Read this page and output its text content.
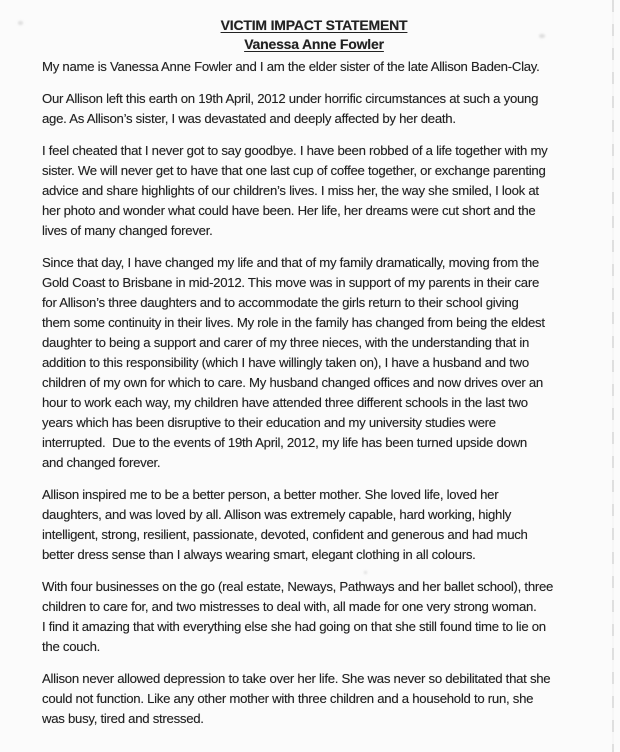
VICTIM IMPACT STATEMENT
Vanessa Anne Fowler
My name is Vanessa Anne Fowler and I am the elder sister of the late Allison Baden-Clay.
Our Allison left this earth on 19th April, 2012 under horrific circumstances at such a young
age. As Allison’s sister, I was devastated and deeply affected by her death.
I feel cheated that I never got to say goodbye. I have been robbed of a life together with my
sister. We will never get to have that one last cup of coffee together, or exchange parenting
advice and share highlights of our children’s lives. I miss her, the way she smiled, I look at
her photo and wonder what could have been. Her life, her dreams were cut short and the
lives of many changed forever.
Since that day, I have changed my life and that of my family dramatically, moving from the
Gold Coast to Brisbane in mid-2012. This move was in support of my parents in their care
for Allison’s three daughters and to accommodate the girls return to their school giving
them some continuity in their lives. My role in the family has changed from being the eldest
daughter to being a support and carer of my three nieces, with the understanding that in
addition to this responsibility (which I have willingly taken on), I have a husband and two
children of my own for which to care. My husband changed offices and now drives over an
hour to work each way, my children have attended three different schools in the last two
years which has been disruptive to their education and my university studies were
interrupted.  Due to the events of 19th April, 2012, my life has been turned upside down
and changed forever.
Allison inspired me to be a better person, a better mother. She loved life, loved her
daughters, and was loved by all. Allison was extremely capable, hard working, highly
intelligent, strong, resilient, passionate, devoted, confident and generous and had much
better dress sense than I always wearing smart, elegant clothing in all colours.
With four businesses on the go (real estate, Neways, Pathways and her ballet school), three
children to care for, and two mistresses to deal with, all made for one very strong woman.
I find it amazing that with everything else she had going on that she still found time to lie on
the couch.
Allison never allowed depression to take over her life. She was never so debilitated that she
could not function. Like any other mother with three children and a household to run, she
was busy, tired and stressed.
